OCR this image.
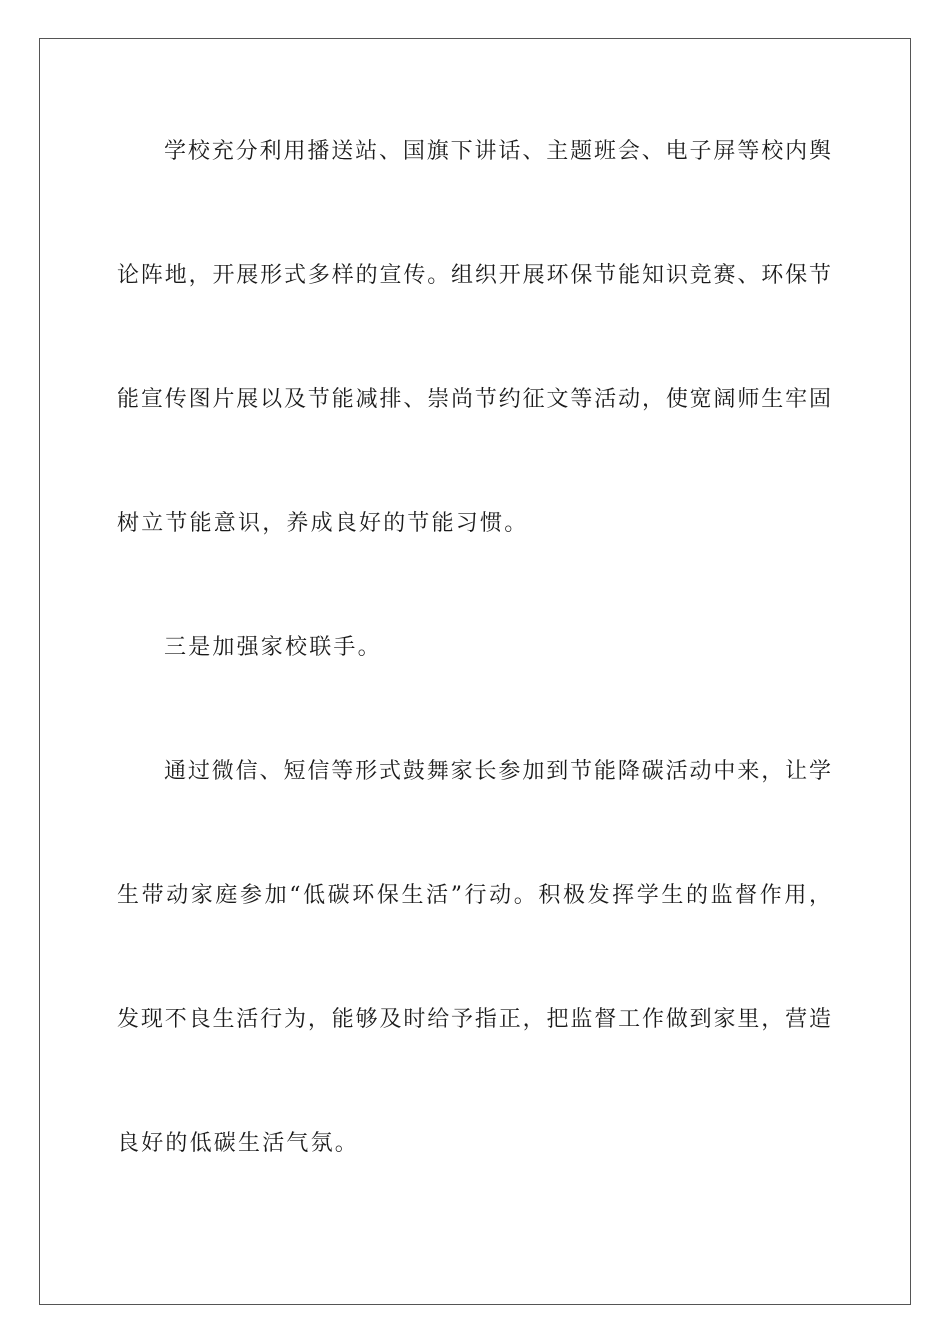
学校充分利用播送站、国旗下讲话、主题班会、电子屏等校内舆
论阵地，开展形式多样的宣传。组织开展环保节能知识竞赛、环保节
能宣传图片展以及节能减排、崇尚节约征文等活动，使宽阔师生牢固
树立节能意识，养成良好的节能习惯。
三是加强家校联手。
通过微信、短信等形式鼓舞家长参加到节能降碳活动中来，让学
生带动家庭参加“低碳环保生活”行动。积极发挥学生的监督作用，
发现不良生活行为，能够及时给予指正，把监督工作做到家里，营造
良好的低碳生活气氛。
